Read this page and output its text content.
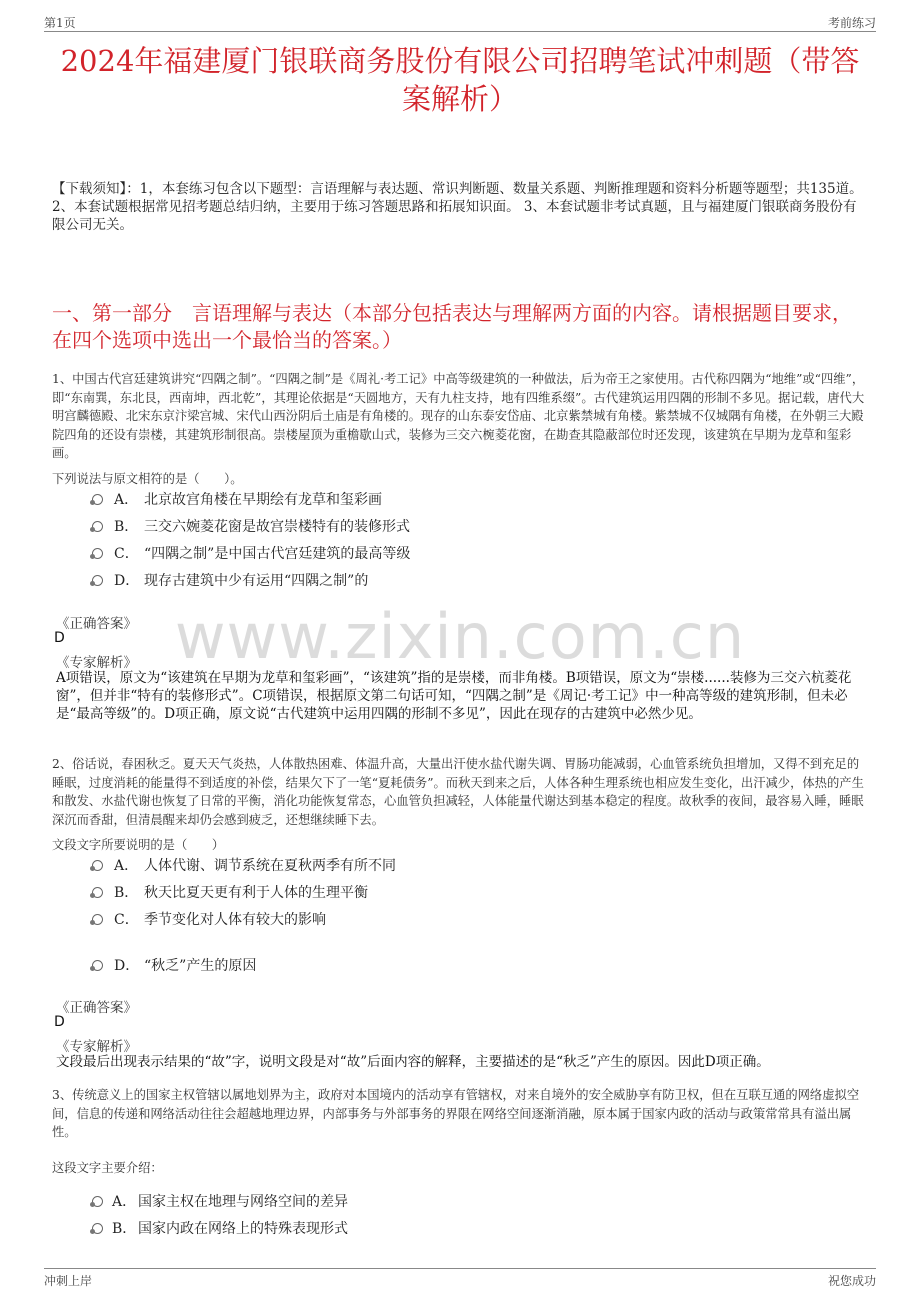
第1页	考前练习
2024年福建厦门银联商务股份有限公司招聘笔试冲刺题（带答案解析）
【下载须知】：1，本套练习包含以下题型：言语理解与表达题、常识判断题、数量关系题、判断推理题和资料分析题等题型；共135道。 2、本套试题根据常见招考题总结归纳，主要用于练习答题思路和拓展知识面。 3、本套试题非考试真题，且与福建厦门银联商务股份有限公司无关。
一、第一部分　言语理解与表达（本部分包括表达与理解两方面的内容。请根据题目要求，在四个选项中选出一个最恰当的答案。）
www.zixin.com.cn
1、中国古代宫廷建筑讲究“四隅之制”。“四隅之制”是《周礼·考工记》中高等级建筑的一种做法，后为帝王之家使用。古代称四隅为“地维”或“四维”，即“东南巽，东北艮，西南坤，西北乾”，其理论依据是“天圆地方，天有九柱支持，地有四维系缀”。古代建筑运用四隅的形制不多见。据记载，唐代大明宫麟德殿、北宋东京汴梁宫城、宋代山西汾阴后土庙是有角楼的。现存的山东泰安岱庙、北京紫禁城有角楼。紫禁城不仅城隅有角楼，在外朝三大殿院四角的还设有崇楼，其建筑形制很高。崇楼屋顶为重檐歇山式，装修为三交六椀菱花窗，在勘查其隐蔽部位时还发现，该建筑在早期为龙草和玺彩画。
下列说法与原文相符的是（　　）。
A． 北京故宫角楼在早期绘有龙草和玺彩画
B． 三交六婉菱花窗是故宫崇楼特有的装修形式
C． “四隅之制”是中国古代宫廷建筑的最高等级
D． 现存古建筑中少有运用“四隅之制”的
《正确答案》
D
《专家解析》
A项错误，原文为“该建筑在早期为龙草和玺彩画”，“该建筑”指的是崇楼，而非角楼。B项错误，原文为“崇楼......装修为三交六杭菱花窗”，但并非“特有的装修形式”。C项错误，根据原文第二句话可知，“四隅之制”是《周记·考工记》中一种高等级的建筑形制，但未必是“最高等级”的。D项正确，原文说“古代建筑中运用四隅的形制不多见”，因此在现存的古建筑中必然少见。
2、俗话说，春困秋乏。夏天天气炎热，人体散热困难、体温升高，大量出汗使水盐代谢失调、胃肠功能减弱，心血管系统负担增加，又得不到充足的睡眠，过度消耗的能量得不到适度的补偿，结果欠下了一笔“夏耗债务”。而秋天到来之后，人体各种生理系统也相应发生变化，出汗减少，体热的产生和散发、水盐代谢也恢复了日常的平衡，消化功能恢复常态，心血管负担减轻，人体能量代谢达到基本稳定的程度。故秋季的夜间，最容易入睡，睡眠深沉而香甜，但清晨醒来却仍会感到疲乏，还想继续睡下去。
文段文字所要说明的是（　　）
A． 人体代谢、调节系统在夏秋两季有所不同
B． 秋天比夏天更有利于人体的生理平衡
C． 季节变化对人体有较大的影响
D． “秋乏”产生的原因
《正确答案》
D
《专家解析》
文段最后出现表示结果的“故”字，说明文段是对“故”后面内容的解释，主要描述的是“秋乏”产生的原因。因此D项正确。
3、传统意义上的国家主权管辖以属地划界为主，政府对本国境内的活动享有管辖权，对来自境外的安全威胁享有防卫权，但在互联互通的网络虚拟空间，信息的传递和网络活动往往会超越地理边界，内部事务与外部事务的界限在网络空间逐渐消融，原本属于国家内政的活动与政策常常具有溢出属性。
这段文字主要介绍：
A． 国家主权在地理与网络空间的差异
B． 国家内政在网络上的特殊表现形式
冲刺上岸	祝您成功
